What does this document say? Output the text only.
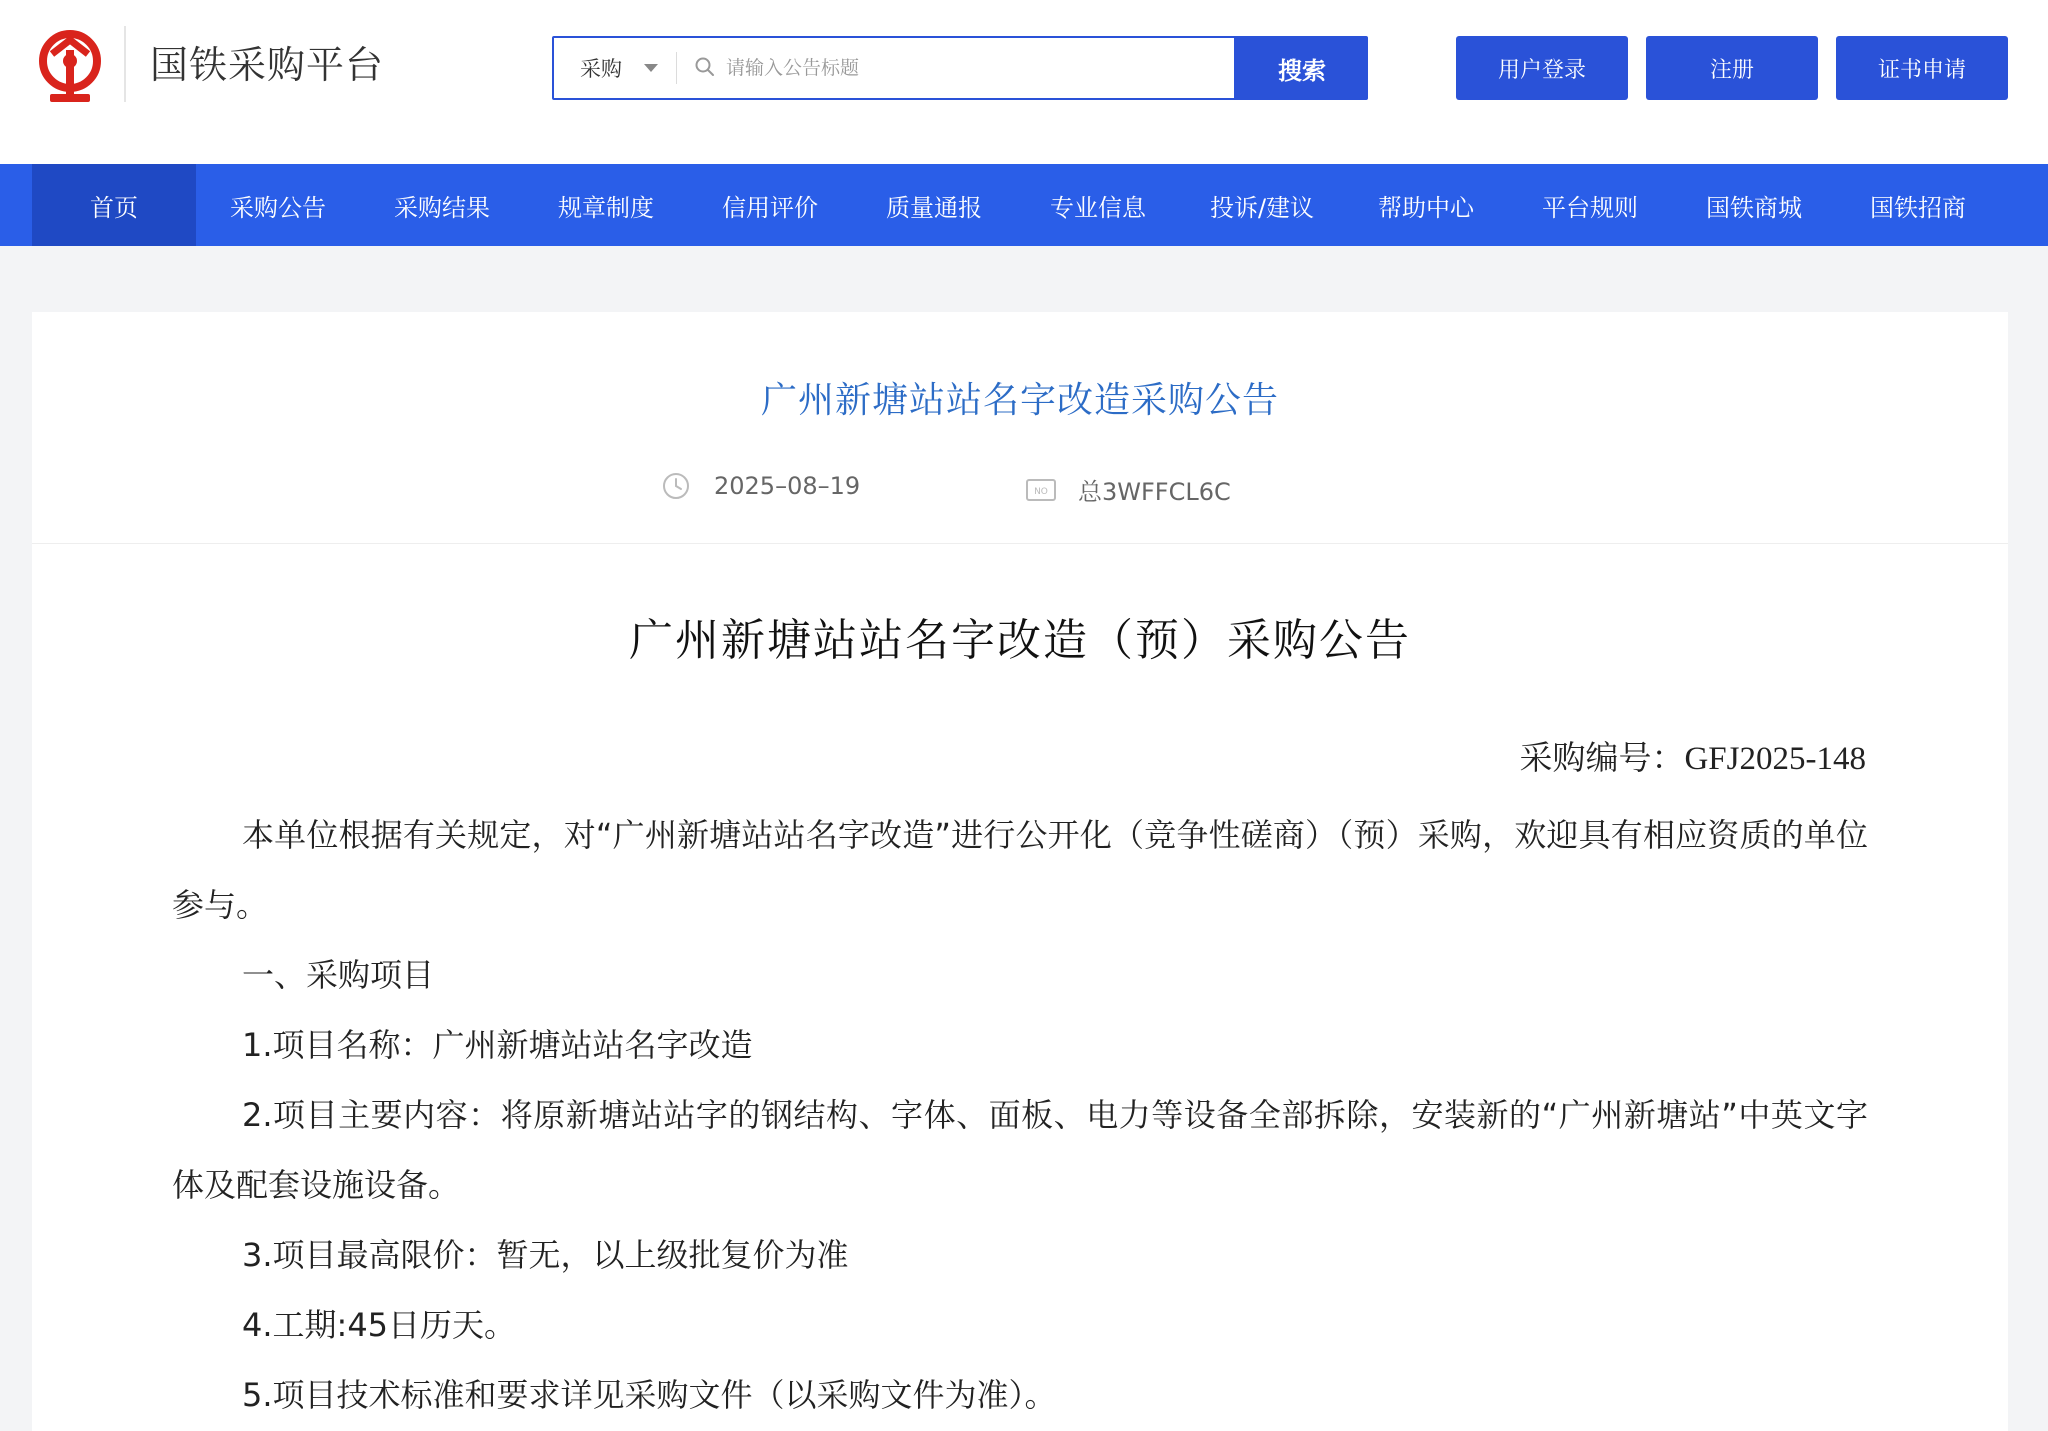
国铁采购平台	采购
请输入公告标题	搜索	用户登录	注册	证书申请
首页	采购公告	采购结果	规章制度	信用评价	质量通报	专业信息	投诉/建议	帮助中心	平台规则	国铁商城	国铁招商
广州新塘站站名字改造采购公告
2025–08–19	NO 总3WFFCL6C
广州新塘站站名字改造（预）采购公告
采购编号：GFJ2025-148

本单位根据有关规定，对“广州新塘站站名字改造”进行公开化（竞争性磋商）（预）采购，欢迎具有相应资质的单位参与。

一、采购项目

1.项目名称：广州新塘站站名字改造

2.项目主要内容：将原新塘站站字的钢结构、字体、面板、电力等设备全部拆除，安装新的“广州新塘站”中英文字体及配套设施设备。

3.项目最高限价：暂无，以上级批复价为准

4.工期:45日历天。

5.项目技术标准和要求详见采购文件（以采购文件为准）。
